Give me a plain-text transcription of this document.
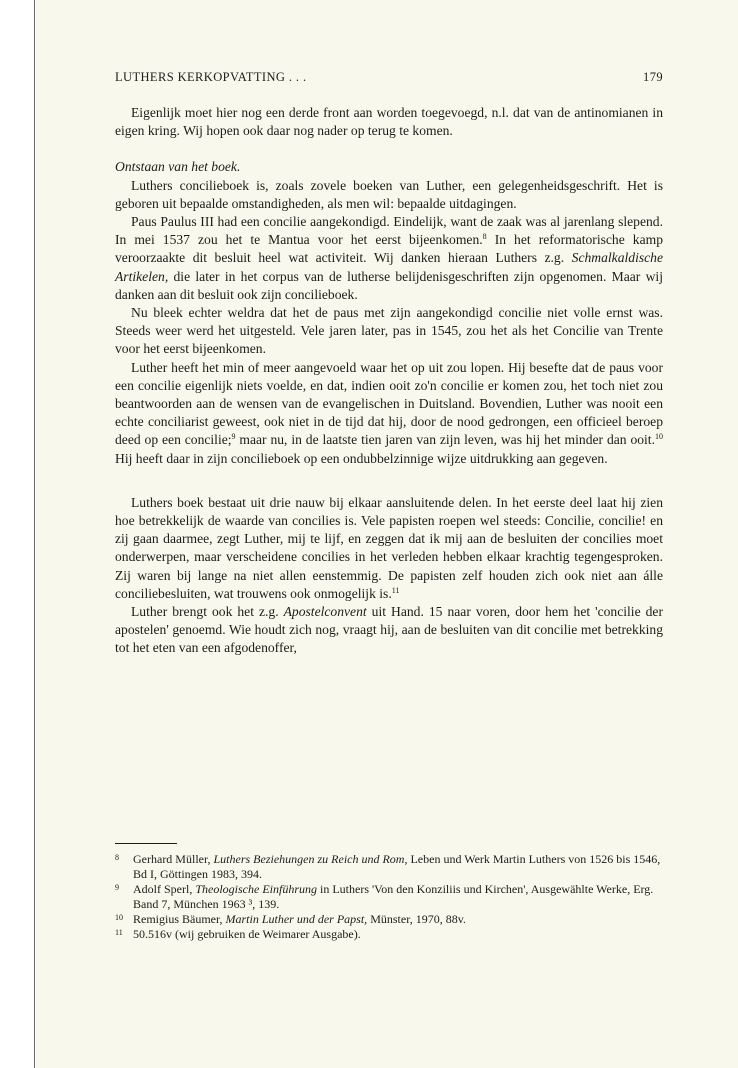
LUTHERS KERKOPVATTING . . .	179

Eigenlijk moet hier nog een derde front aan worden toegevoegd, n.l. dat van de antinomianen in eigen kring. Wij hopen ook daar nog nader op terug te komen.

Ontstaan van het boek.

Luthers concilieboek is, zoals zovele boeken van Luther, een gelegenheidsgeschrift. Het is geboren uit bepaalde omstandigheden, als men wil: bepaalde uitdagingen.

Paus Paulus III had een concilie aangekondigd. Eindelijk, want de zaak was al jarenlang slepend. In mei 1537 zou het te Mantua voor het eerst bijeenkomen.$^8$ In het reformatorische kamp veroorzaakte dit besluit heel wat activiteit. Wij danken hieraan Luthers z.g. Schmalkaldische Artikelen, die later in het corpus van de lutherse belijdenisgeschriften zijn opgenomen. Maar wij danken aan dit besluit ook zijn concilieboek.

Nu bleek echter weldra dat het de paus met zijn aangekondigd concilie niet volle ernst was. Steeds weer werd het uitgesteld. Vele jaren later, pas in 1545, zou het als het Concilie van Trente voor het eerst bijeenkomen.

Luther heeft het min of meer aangevoeld waar het op uit zou lopen. Hij besefte dat de paus voor een concilie eigenlijk niets voelde, en dat, indien ooit zo'n concilie er komen zou, het toch niet zou beantwoorden aan de wensen van de evangelischen in Duitsland. Bovendien, Luther was nooit een echte conciliarist geweest, ook niet in de tijd dat hij, door de nood gedrongen, een officieel beroep deed op een concilie;$^9$ maar nu, in de laatste tien jaren van zijn leven, was hij het minder dan ooit.$^{10}$ Hij heeft daar in zijn concilieboek op een ondubbelzinnige wijze uitdrukking aan gegeven.

Luthers boek bestaat uit drie nauw bij elkaar aansluitende delen. In het eerste deel laat hij zien hoe betrekkelijk de waarde van concilies is. Vele papisten roepen wel steeds: Concilie, concilie! en zij gaan daarmee, zegt Luther, mij te lijf, en zeggen dat ik mij aan de besluiten der concilies moet onderwerpen, maar verscheidene concilies in het verleden hebben elkaar krachtig tegengesproken. Zij waren bij lange na niet allen eenstemmig. De papisten zelf houden zich ook niet aan álle conciliebesluiten, wat trouwens ook onmogelijk is.$^{11}$

Luther brengt ook het z.g. Apostelconvent uit Hand. 15 naar voren, door hem het 'concilie der apostelen' genoemd. Wie houdt zich nog, vraagt hij, aan de besluiten van dit concilie met betrekking tot het eten van een afgodenoffer,

8 Gerhard Müller, Luthers Beziehungen zu Reich und Rom, Leben und Werk Martin Luthers von 1526 bis 1546, Bd I, Göttingen 1983, 394.
9 Adolf Sperl, Theologische Einführung in Luthers 'Von den Konziliis und Kirchen', Ausgewählte Werke, Erg. Band 7, München 1963 ³, 139.
10 Remigius Bäumer, Martin Luther und der Papst, Münster, 1970, 88v.
11 50.516v (wij gebruiken de Weimarer Ausgabe).
